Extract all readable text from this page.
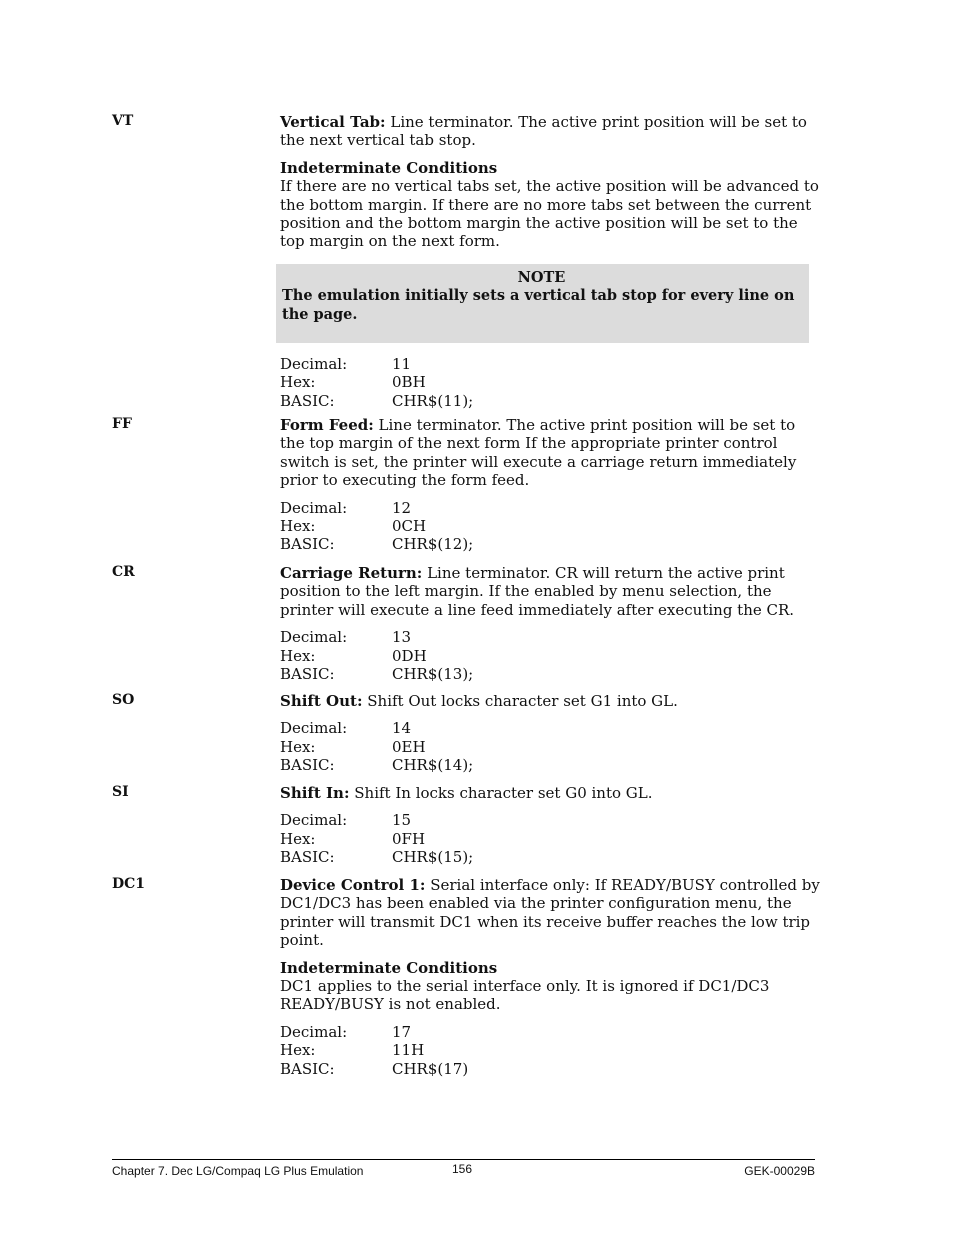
VT	Vertical Tab: Line terminator. The active print position will be set to the next vertical tab stop.

Indeterminate Conditions

If there are no vertical tabs set, the active position will be advanced to the bottom margin. If there are no more tabs set between the current position and the bottom margin the active position will be set to the top margin on the next form.

NOTE
The emulation initially sets a vertical tab stop for every line on the page.
Decimal:	11
Hex:	0BH
BASIC:	CHR$(11);
FF	Form Feed: Line terminator. The active print position will be set to the top margin of the next form If the appropriate printer control switch is set, the printer will execute a carriage return immediately prior to executing the form feed.

Decimal:	12
Hex:	0CH
BASIC:	CHR$(12);
CR	Carriage Return: Line terminator. CR will return the active print position to the left margin. If the enabled by menu selection, the printer will execute a line feed immediately after executing the CR.

Decimal:	13
Hex:	0DH
BASIC:	CHR$(13);
SO	Shift Out: Shift Out locks character set G1 into GL.

Decimal:	14
Hex:	0EH
BASIC:	CHR$(14);
SI	Shift In: Shift In locks character set G0 into GL.

Decimal:	15
Hex:	0FH
BASIC:	CHR$(15);
DC1	Device Control 1: Serial interface only: If READY/BUSY controlled by DC1/DC3 has been enabled via the printer configuration menu, the printer will transmit DC1 when its receive buffer reaches the low trip point.

Indeterminate Conditions

DC1 applies to the serial interface only. It is ignored if DC1/DC3 READY/BUSY is not enabled.

Decimal:	17
Hex:	11H
BASIC:	CHR$(17)
Chapter 7. Dec LG/Compaq LG Plus Emulation	156	GEK-00029B
